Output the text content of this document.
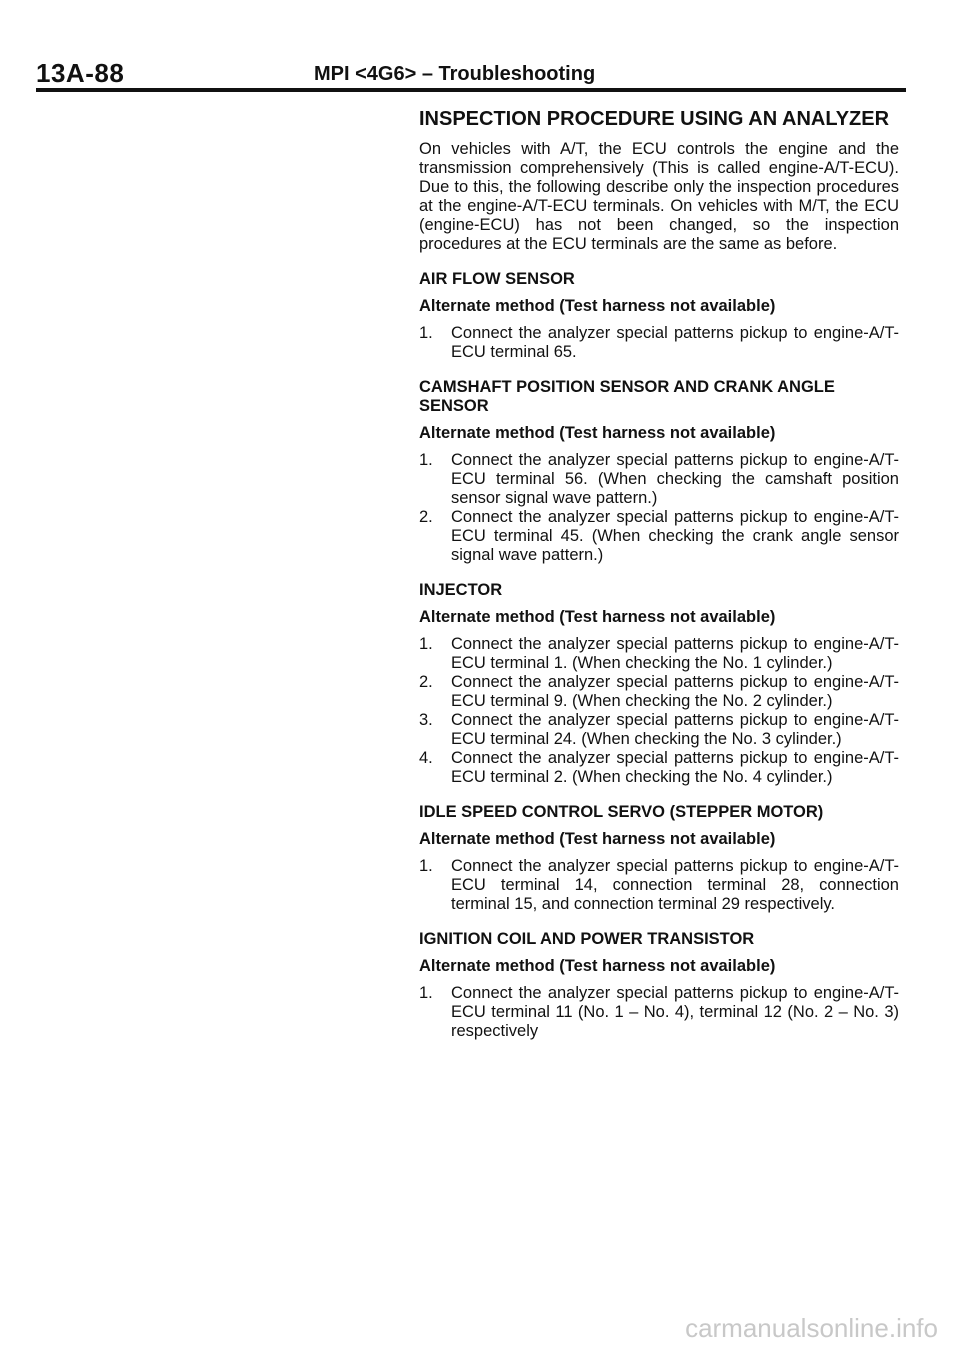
13A-88	MPI <4G6> – Troubleshooting
INSPECTION PROCEDURE USING AN ANALYZER

On vehicles with A/T, the ECU controls the engine and the transmission comprehensively (This is called engine-A/T-ECU). Due to this, the following describe only the inspection procedures at the engine-A/T-ECU terminals. On vehicles with M/T, the ECU (engine-ECU) has not been changed, so the inspection procedures at the ECU terminals are the same as before.

AIR FLOW SENSOR
Alternate method (Test harness not available)
1. Connect the analyzer special patterns pickup to engine-A/T-ECU terminal 65.
CAMSHAFT POSITION SENSOR AND CRANK ANGLE SENSOR
Alternate method (Test harness not available)
1. Connect the analyzer special patterns pickup to engine-A/T-ECU terminal 56. (When checking the camshaft position sensor signal wave pattern.)
2. Connect the analyzer special patterns pickup to engine-A/T-ECU terminal 45. (When checking the crank angle sensor signal wave pattern.)
INJECTOR
Alternate method (Test harness not available)
1. Connect the analyzer special patterns pickup to engine-A/T-ECU terminal 1. (When checking the No. 1 cylinder.)
2. Connect the analyzer special patterns pickup to engine-A/T-ECU terminal 9. (When checking the No. 2 cylinder.)
3. Connect the analyzer special patterns pickup to engine-A/T-ECU terminal 24. (When checking the No. 3 cylinder.)
4. Connect the analyzer special patterns pickup to engine-A/T-ECU terminal 2. (When checking the No. 4 cylinder.)
IDLE SPEED CONTROL SERVO (STEPPER MOTOR)
Alternate method (Test harness not available)
1. Connect the analyzer special patterns pickup to engine-A/T-ECU terminal 14, connection terminal 28, connection terminal 15, and connection terminal 29 respectively.
IGNITION COIL AND POWER TRANSISTOR
Alternate method (Test harness not available)
1. Connect the analyzer special patterns pickup to engine-A/T-ECU terminal 11 (No. 1 – No. 4), terminal 12 (No. 2 – No. 3) respectively
carmanualsonline.info
